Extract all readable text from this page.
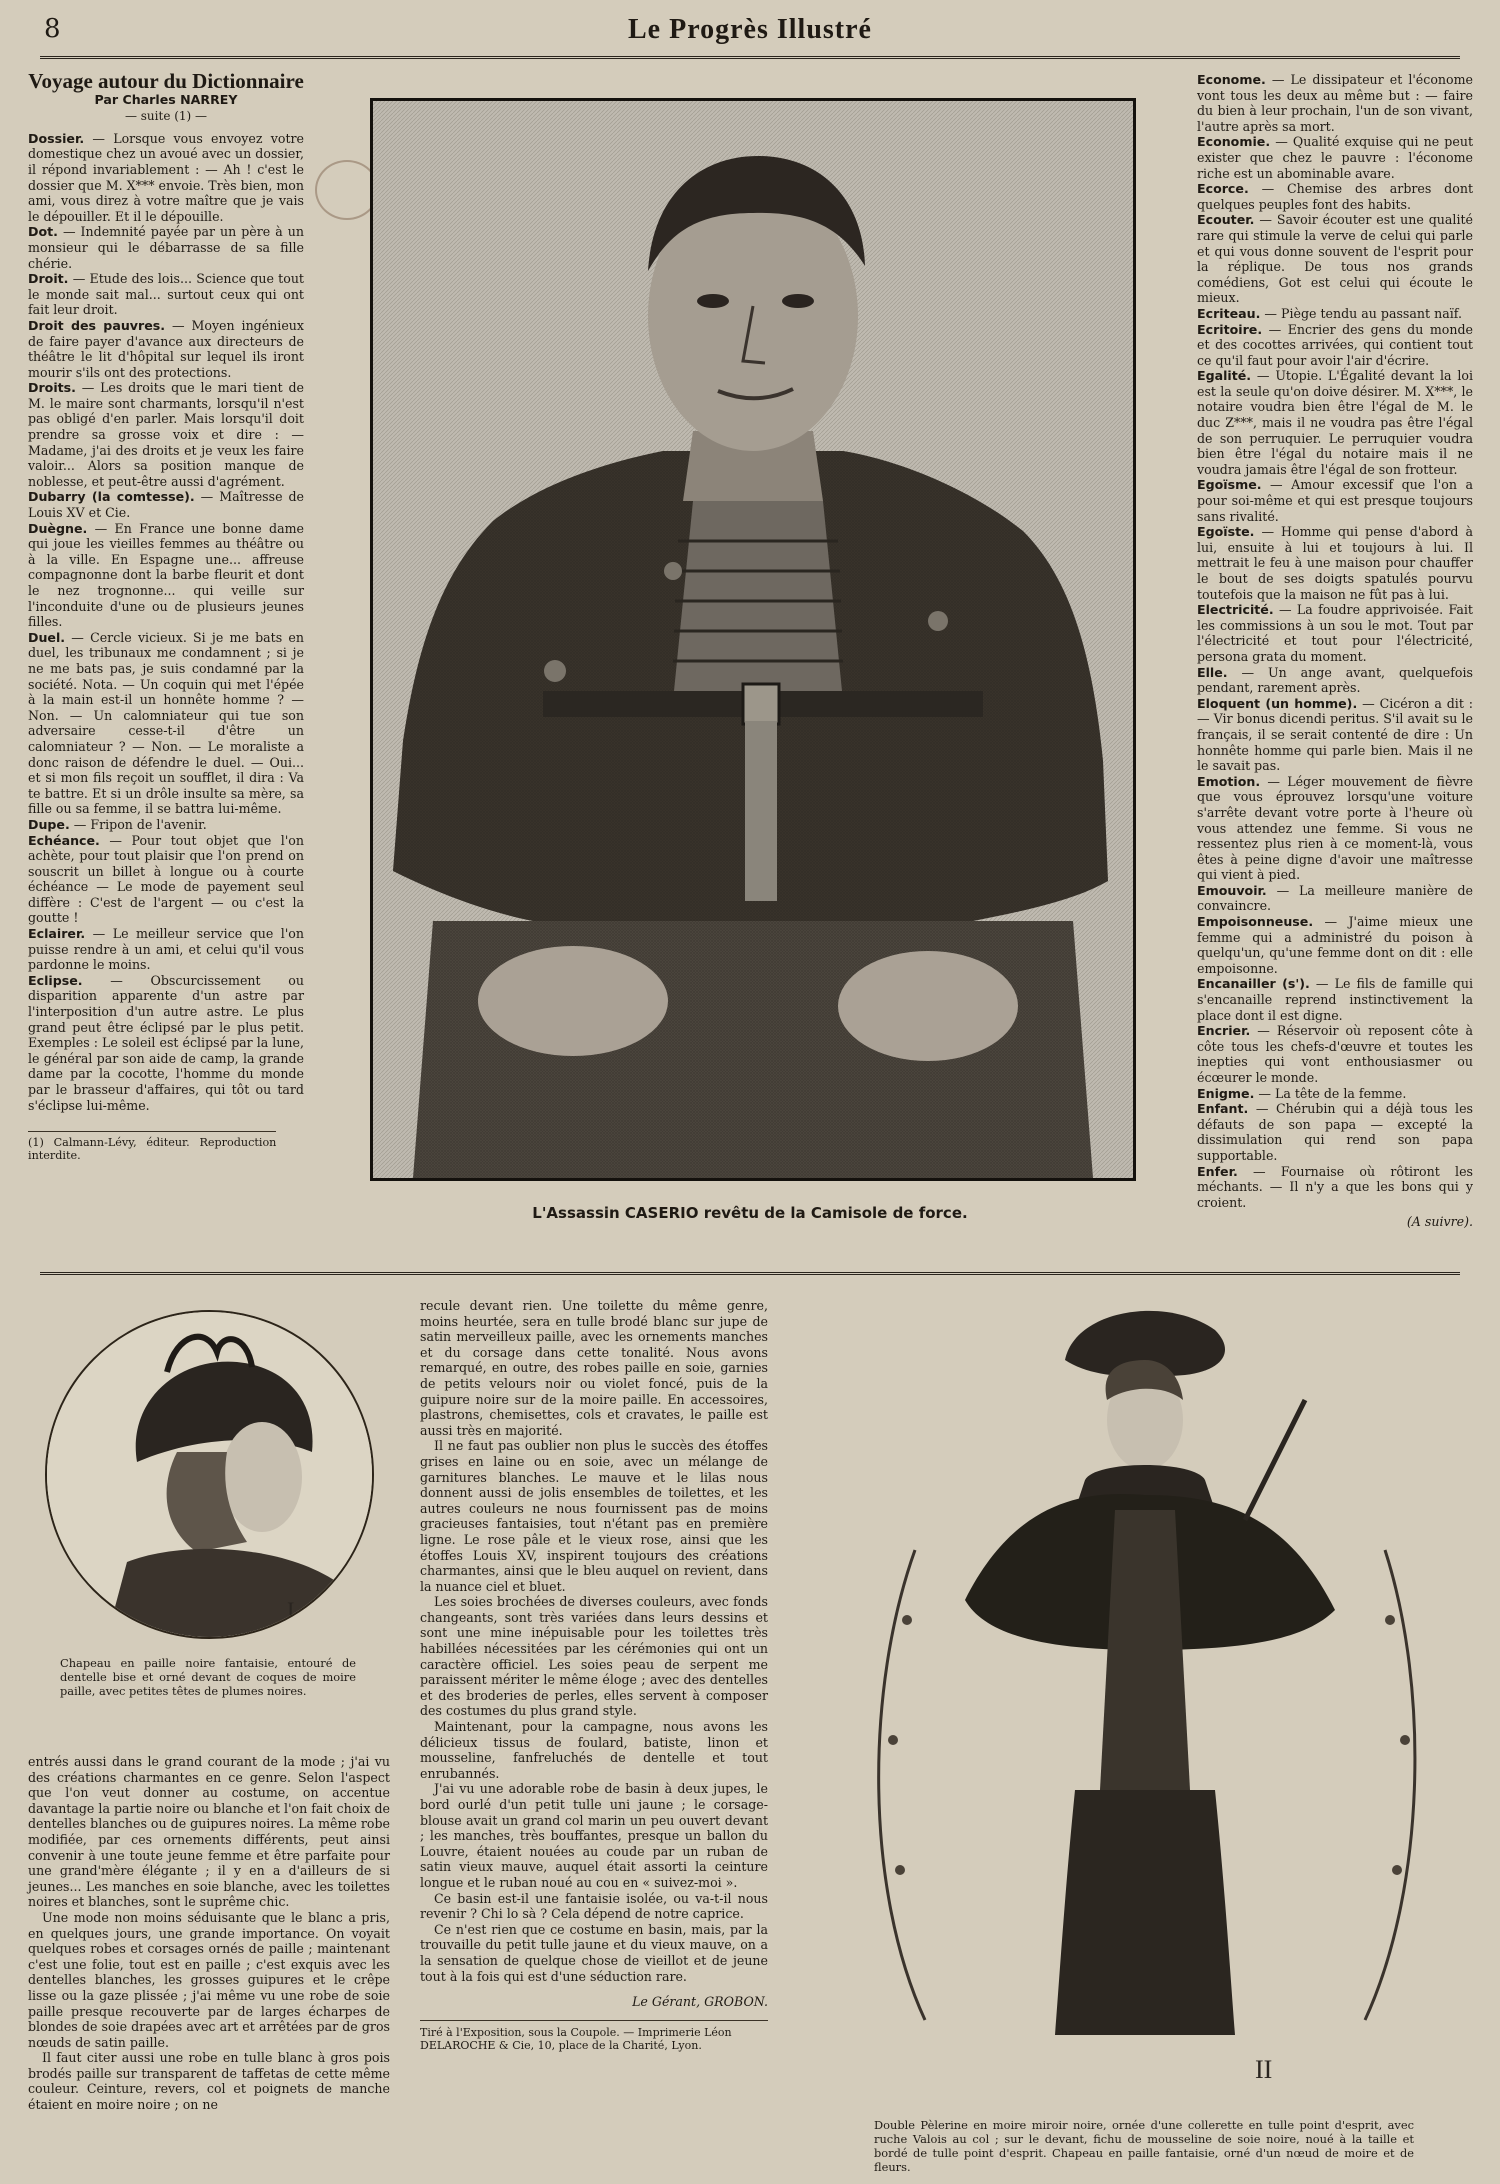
8	Le Progrès Illustré
Voyage autour du Dictionnaire
Par Charles NARREY
— suite (1) —

Dossier. — Lorsque vous envoyez votre domestique chez un avoué avec un dossier, il répond invariablement : — Ah ! c'est le dossier que M. X*** envoie. Très bien, mon ami, vous direz à votre maître que je vais le dépouiller. Et il le dépouille.

Dot. — Indemnité payée par un père à un monsieur qui le débarrasse de sa fille chérie.

Droit. — Etude des lois... Science que tout le monde sait mal... surtout ceux qui ont fait leur droit.

Droit des pauvres. — Moyen ingénieux de faire payer d'avance aux directeurs de théâtre le lit d'hôpital sur lequel ils iront mourir s'ils ont des protections.

Droits. — Les droits que le mari tient de M. le maire sont charmants, lorsqu'il n'est pas obligé d'en parler. Mais lorsqu'il doit prendre sa grosse voix et dire : — Madame, j'ai des droits et je veux les faire valoir... Alors sa position manque de noblesse, et peut-être aussi d'agrément.

Dubarry (la comtesse). — Maîtresse de Louis XV et Cie.

Duègne. — En France une bonne dame qui joue les vieilles femmes au théâtre ou à la ville. En Espagne une... affreuse compagnonne dont la barbe fleurit et dont le nez trognonne... qui veille sur l'inconduite d'une ou de plusieurs jeunes filles.

Duel. — Cercle vicieux. Si je me bats en duel, les tribunaux me condamnent ; si je ne me bats pas, je suis condamné par la société. Nota. — Un coquin qui met l'épée à la main est-il un honnête homme ? — Non. — Un calomniateur qui tue son adversaire cesse-t-il d'être un calomniateur ? — Non. — Le moraliste a donc raison de défendre le duel. — Oui... et si mon fils reçoit un soufflet, il dira : Va te battre. Et si un drôle insulte sa mère, sa fille ou sa femme, il se battra lui-même.

Dupe. — Fripon de l'avenir.

Echéance. — Pour tout objet que l'on achète, pour tout plaisir que l'on prend on souscrit un billet à longue ou à courte échéance — Le mode de payement seul diffère : C'est de l'argent — ou c'est la goutte !

Eclairer. — Le meilleur service que l'on puisse rendre à un ami, et celui qu'il vous pardonne le moins.

Eclipse. — Obscurcissement ou disparition apparente d'un astre par l'interposition d'un autre astre. Le plus grand peut être éclipsé par le plus petit. Exemples : Le soleil est éclipsé par la lune, le général par son aide de camp, la grande dame par la cocotte, l'homme du monde par le brasseur d'affaires, qui tôt ou tard s'éclipse lui-même.

(1) Calmann-Lévy, éditeur. Reproduction interdite.
L'Assassin CASERIO revêtu de la Camisole de force.

Econome. — Le dissipateur et l'économe vont tous les deux au même but : — faire du bien à leur prochain, l'un de son vivant, l'autre après sa mort.

Economie. — Qualité exquise qui ne peut exister que chez le pauvre : l'économe riche est un abominable avare.

Ecorce. — Chemise des arbres dont quelques peuples font des habits.

Ecouter. — Savoir écouter est une qualité rare qui stimule la verve de celui qui parle et qui vous donne souvent de l'esprit pour la réplique. De tous nos grands comédiens, Got est celui qui écoute le mieux.

Ecriteau. — Piège tendu au passant naïf.

Ecritoire. — Encrier des gens du monde et des cocottes arrivées, qui contient tout ce qu'il faut pour avoir l'air d'écrire.

Egalité. — Utopie. L'Égalité devant la loi est la seule qu'on doive désirer. M. X***, le notaire voudra bien être l'égal de M. le duc Z***, mais il ne voudra pas être l'égal de son perruquier. Le perruquier voudra bien être l'égal du notaire mais il ne voudra jamais être l'égal de son frotteur.

Egoïsme. — Amour excessif que l'on a pour soi-même et qui est presque toujours sans rivalité.

Egoïste. — Homme qui pense d'abord à lui, ensuite à lui et toujours à lui. Il mettrait le feu à une maison pour chauffer le bout de ses doigts spatulés pourvu toutefois que la maison ne fût pas à lui.

Electricité. — La foudre apprivoisée. Fait les commissions à un sou le mot. Tout par l'électricité et tout pour l'électricité, persona grata du moment.

Elle. — Un ange avant, quelquefois pendant, rarement après.

Eloquent (un homme). — Cicéron a dit : — Vir bonus dicendi peritus. S'il avait su le français, il se serait contenté de dire : Un honnête homme qui parle bien. Mais il ne le savait pas.

Emotion. — Léger mouvement de fièvre que vous éprouvez lorsqu'une voiture s'arrête devant votre porte à l'heure où vous attendez une femme. Si vous ne ressentez plus rien à ce moment-là, vous êtes à peine digne d'avoir une maîtresse qui vient à pied.

Emouvoir. — La meilleure manière de convaincre.

Empoisonneuse. — J'aime mieux une femme qui a administré du poison à quelqu'un, qu'une femme dont on dit : elle empoisonne.

Encanailler (s'). — Le fils de famille qui s'encanaille reprend instinctivement la place dont il est digne.

Encrier. — Réservoir où reposent côte à côte tous les chefs-d'œuvre et toutes les inepties qui vont enthousiasmer ou écœurer le monde.

Enigme. — La tête de la femme.

Enfant. — Chérubin qui a déjà tous les défauts de son papa — excepté la dissimulation qui rend son papa supportable.

Enfer. — Fournaise où rôtiront les méchants. — Il n'y a que les bons qui y croient.

(A suivre).
I.
Chapeau en paille noire fantaisie, entouré de dentelle bise et orné devant de coques de moire paille, avec petites têtes de plumes noires.

entrés aussi dans le grand courant de la mode ; j'ai vu des créations charmantes en ce genre. Selon l'aspect que l'on veut donner au costume, on accentue davantage la partie noire ou blanche et l'on fait choix de dentelles blanches ou de guipures noires. La même robe modifiée, par ces ornements différents, peut ainsi convenir à une toute jeune femme et être parfaite pour une grand'mère élégante ; il y en a d'ailleurs de si jeunes... Les manches en soie blanche, avec les toilettes noires et blanches, sont le suprême chic.

Une mode non moins séduisante que le blanc a pris, en quelques jours, une grande importance. On voyait quelques robes et corsages ornés de paille ; maintenant c'est une folie, tout est en paille ; c'est exquis avec les dentelles blanches, les grosses guipures et le crêpe lisse ou la gaze plissée ; j'ai même vu une robe de soie paille presque recouverte par de larges écharpes de blondes de soie drapées avec art et arrêtées par de gros nœuds de satin paille.

Il faut citer aussi une robe en tulle blanc à gros pois brodés paille sur transparent de taffetas de cette même couleur. Ceinture, revers, col et poignets de manche étaient en moire noire ; on ne

recule devant rien. Une toilette du même genre, moins heurtée, sera en tulle brodé blanc sur jupe de satin merveilleux paille, avec les ornements manches et du corsage dans cette tonalité. Nous avons remarqué, en outre, des robes paille en soie, garnies de petits velours noir ou violet foncé, puis de la guipure noire sur de la moire paille. En accessoires, plastrons, chemisettes, cols et cravates, le paille est aussi très en majorité.

Il ne faut pas oublier non plus le succès des étoffes grises en laine ou en soie, avec un mélange de garnitures blanches. Le mauve et le lilas nous donnent aussi de jolis ensembles de toilettes, et les autres couleurs ne nous fournissent pas de moins gracieuses fantaisies, tout n'étant pas en première ligne. Le rose pâle et le vieux rose, ainsi que les étoffes Louis XV, inspirent toujours des créations charmantes, ainsi que le bleu auquel on revient, dans la nuance ciel et bluet.

Les soies brochées de diverses couleurs, avec fonds changeants, sont très variées dans leurs dessins et sont une mine inépuisable pour les toilettes très habillées nécessitées par les cérémonies qui ont un caractère officiel. Les soies peau de serpent me paraissent mériter le même éloge ; avec des dentelles et des broderies de perles, elles servent à composer des costumes du plus grand style.

Maintenant, pour la campagne, nous avons les délicieux tissus de foulard, batiste, linon et mousseline, fanfreluchés de dentelle et tout enrubannés.

J'ai vu une adorable robe de basin à deux jupes, le bord ourlé d'un petit tulle uni jaune ; le corsage-blouse avait un grand col marin un peu ouvert devant ; les manches, très bouffantes, presque un ballon du Louvre, étaient nouées au coude par un ruban de satin vieux mauve, auquel était assorti la ceinture longue et le ruban noué au cou en « suivez-moi ».

Ce basin est-il une fantaisie isolée, ou va-t-il nous revenir ? Chi lo sà ? Cela dépend de notre caprice.

Ce n'est rien que ce costume en basin, mais, par la trouvaille du petit tulle jaune et du vieux mauve, on a la sensation de quelque chose de vieillot et de jeune tout à la fois qui est d'une séduction rare.

Le Gérant, GROBON.
Tiré à l'Exposition, sous la Coupole. — Imprimerie Léon DELAROCHE & Cie, 10, place de la Charité, Lyon.
II
Double Pèlerine en moire miroir noire, ornée d'une collerette en tulle point d'esprit, avec ruche Valois au col ; sur le devant, fichu de mousseline de soie noire, noué à la taille et bordé de tulle point d'esprit. Chapeau en paille fantaisie, orné d'un nœud de moire et de fleurs.
